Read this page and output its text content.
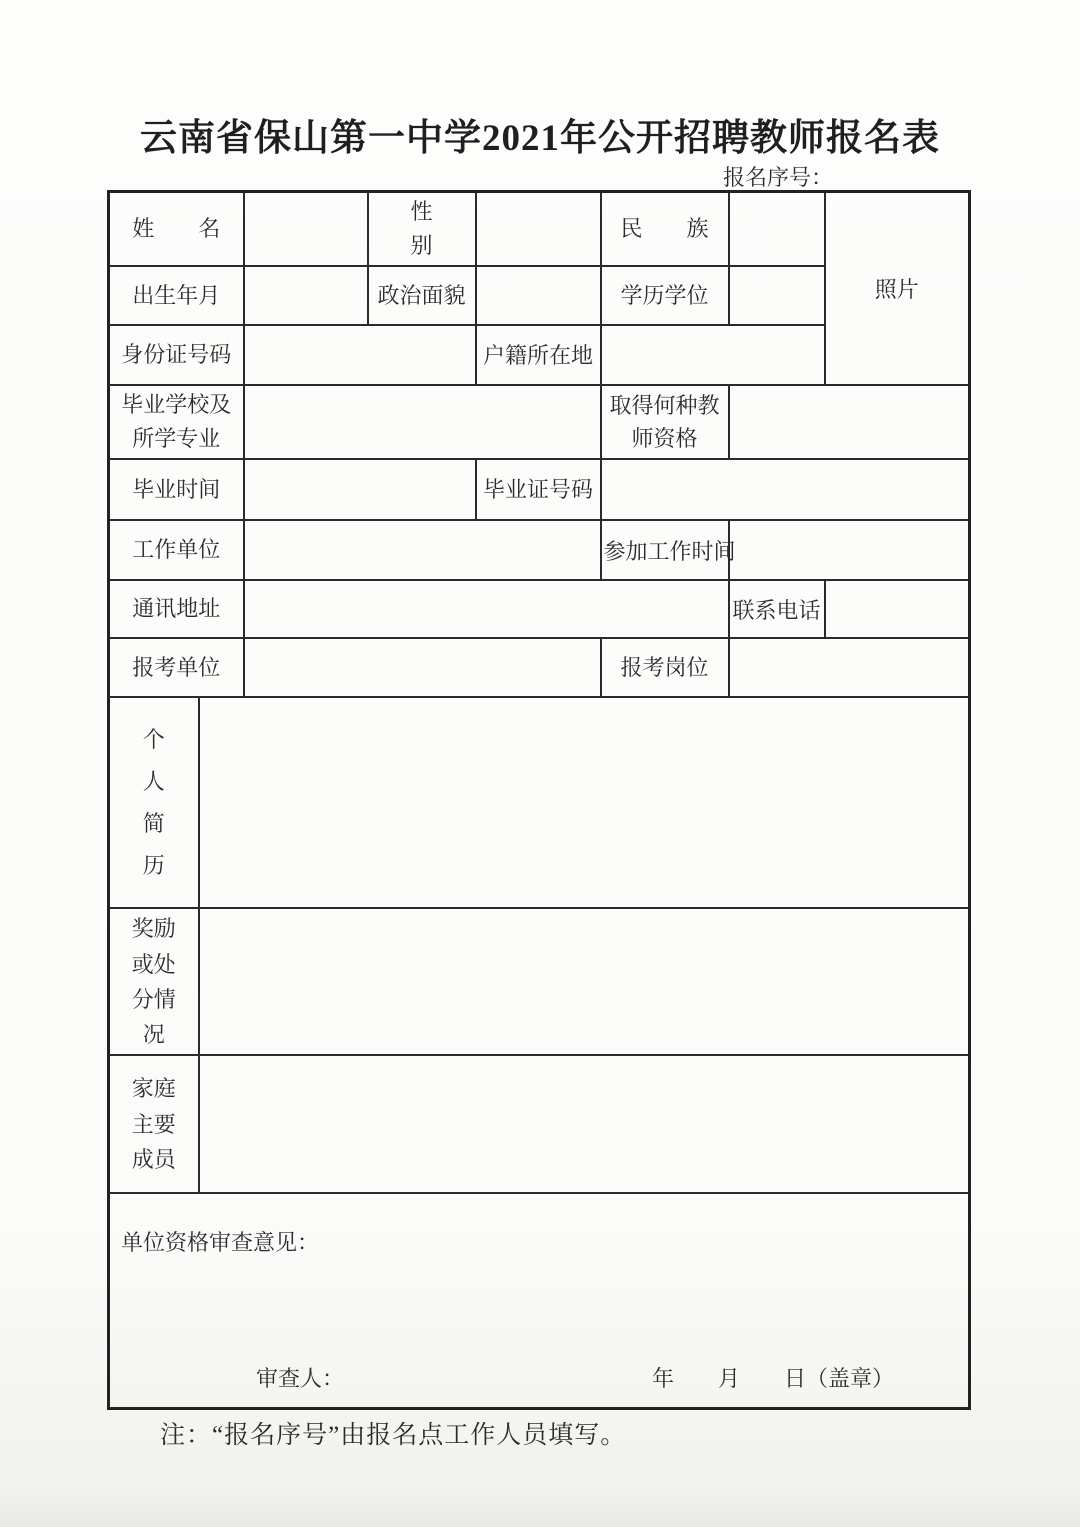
云南省保山第一中学2021年公开招聘教师报名表
报名序号：
姓　　名			性　　别		民　　族		照片
出生年月			政治面貌		学历学位		
身份证号码				户籍所在地			
毕业学校及所学专业					取得何种教师资格		
毕业时间				毕业证号码			
工作单位					参加工作时间		
通讯地址						联系电话	
报考单位					报考岗位		
个人简历							
奖励或处分情况							
家庭主要成员							

单位资格审查意见：
审查人： 年　　月　　日（盖章）							
注：“报名序号”由报名点工作人员填写。
